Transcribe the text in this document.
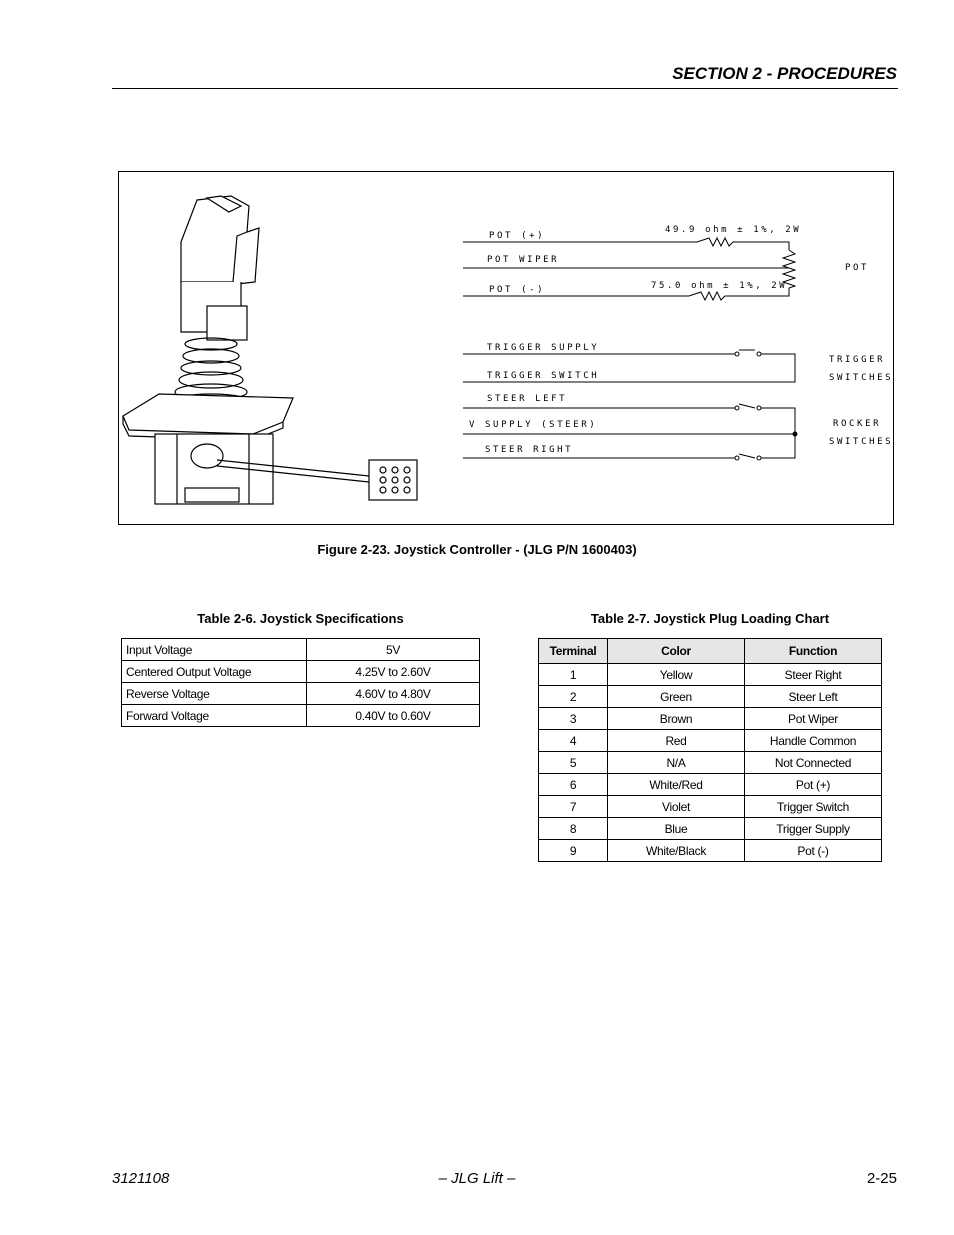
SECTION 2 - PROCEDURES
POT (+)
49.9 ohm ± 1%, 2W
POT WIPER
POT (-)	75.0 ohm ± 1%, 2W
POT
TRIGGER SUPPLY
TRIGGER SWITCH
TRIGGER
SWITCHES
STEER LEFT
V SUPPLY (STEER)
STEER RIGHT
ROCKER
SWITCHES
Figure 2-23. Joystick Controller - (JLG P/N 1600403)
Table 2-6. Joystick Specifications
Input Voltage	5V
Centered Output Voltage	4.25V to 2.60V
Reverse Voltage	4.60V to 4.80V
Forward Voltage	0.40V to 0.60V
Table 2-7. Joystick Plug Loading Chart
Terminal	Color	Function
1	Yellow	Steer Right
2	Green	Steer Left
3	Brown	Pot Wiper
4	Red	Handle Common
5	N/A	Not Connected
6	White/Red	Pot (+)
7	Violet	Trigger Switch
8	Blue	Trigger Supply
9	White/Black	Pot (-)
3121108	– JLG Lift –	2-25
